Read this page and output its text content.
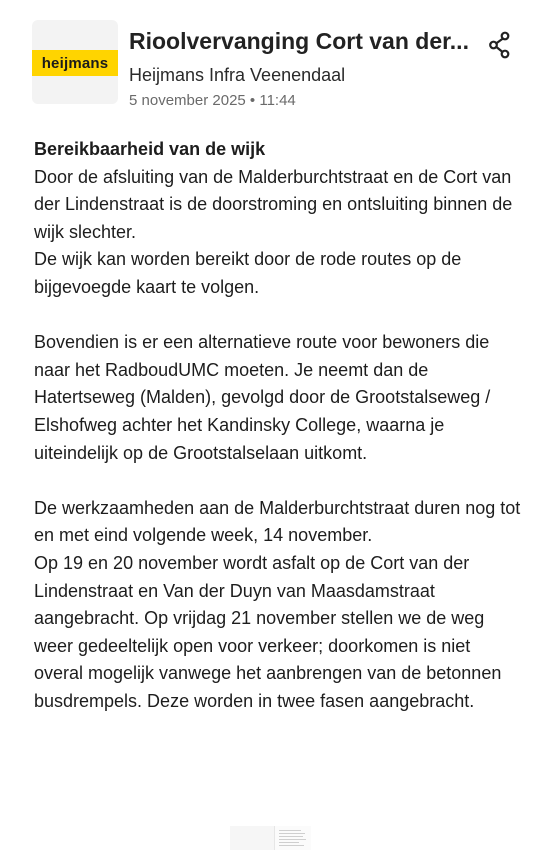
heijmans
Rioolvervanging Cort van der...
Heijmans Infra Veenendaal
5 november 2025 • 11:44

Bereikbaarheid van de wijk

Door de afsluiting van de Malderburchtstraat en de Cort van der Lindenstraat is de doorstroming en ontsluiting binnen de wijk slechter.

De wijk kan worden bereikt door de rode routes op de bijgevoegde kaart te volgen.

Bovendien is er een alternatieve route voor bewoners die naar het RadboudUMC moeten. Je neemt dan de Hatertseweg (Malden), gevolgd door de Grootstalseweg / Elshofweg achter het Kandinsky College, waarna je uiteindelijk op de Grootstalselaan uitkomt.

De werkzaamheden aan de Malderburchtstraat duren nog tot en met eind volgende week, 14 november.

Op 19 en 20 november wordt asfalt op de Cort van der Lindenstraat en Van der Duyn van Maasdamstraat aangebracht. Op vrijdag 21 november stellen we de weg weer gedeeltelijk open voor verkeer; doorkomen is niet overal mogelijk vanwege het aanbrengen van de betonnen busdrempels. Deze worden in twee fasen aangebracht.
